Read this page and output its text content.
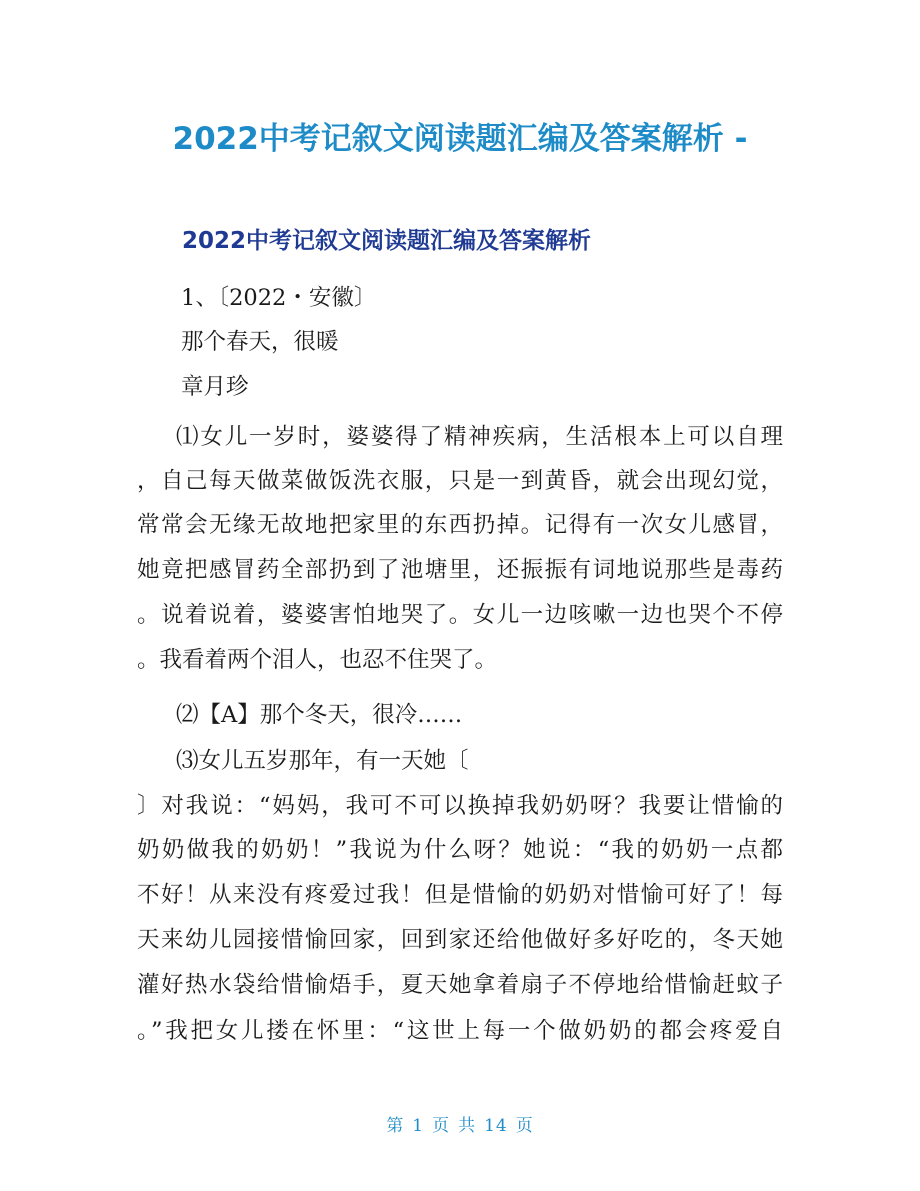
2022中考记叙文阅读题汇编及答案解析 -
2022中考记叙文阅读题汇编及答案解析
1、〔2022・安徽〕
那个春天，很暖
章月珍
⑴女儿一岁时，婆婆得了精神疾病，生活根本上可以自理
，自己每天做菜做饭洗衣服，只是一到黄昏，就会出现幻觉，
常常会无缘无故地把家里的东西扔掉。记得有一次女儿感冒，
她竟把感冒药全部扔到了池塘里，还振振有词地说那些是毒药
。说着说着，婆婆害怕地哭了。女儿一边咳嗽一边也哭个不停
。我看着两个泪人，也忍不住哭了。
⑵【A】那个冬天，很冷……
⑶女儿五岁那年，有一天她〔
〕对我说：“妈妈，我可不可以换掉我奶奶呀？我要让惜愉的
奶奶做我的奶奶！”我说为什么呀？她说：“我的奶奶一点都
不好！从来没有疼爱过我！但是惜愉的奶奶对惜愉可好了！每
天来幼儿园接惜愉回家，回到家还给他做好多好吃的，冬天她
灌好热水袋给惜愉焐手，夏天她拿着扇子不停地给惜愉赶蚊子
。”我把女儿搂在怀里：“这世上每一个做奶奶的都会疼爱自
第 1 页 共 14 页
